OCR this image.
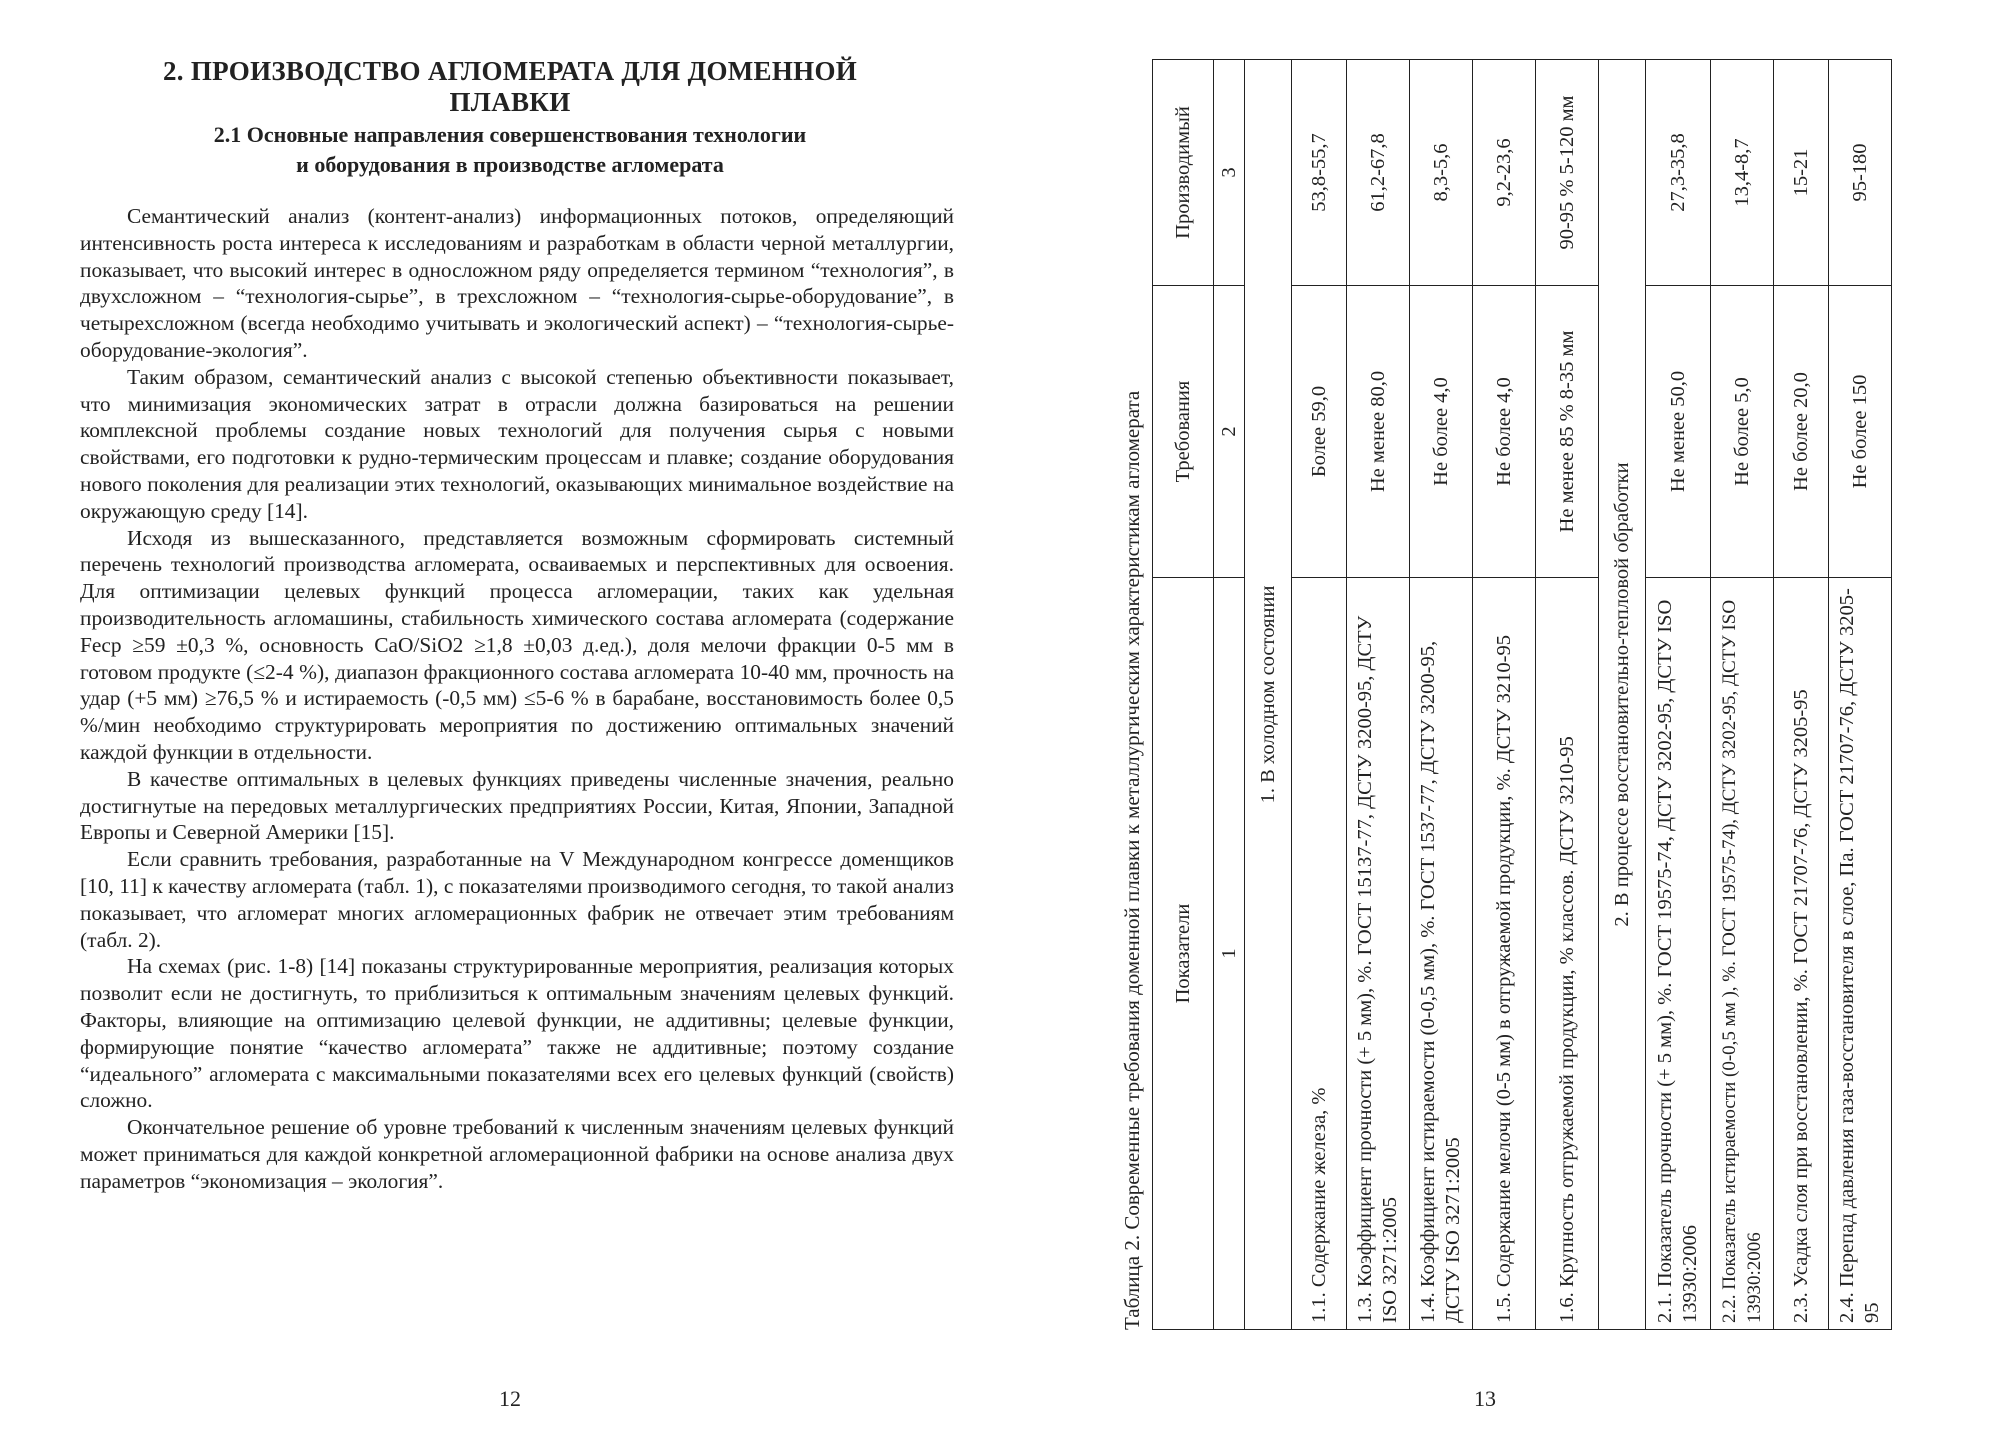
2. ПРОИЗВОДСТВО АГЛОМЕРАТА ДЛЯ ДОМЕННОЙ ПЛАВКИ
2.1 Основные направления совершенствования технологии
и оборудования в производстве агломерата

Семантический анализ (контент-анализ) информационных потоков, определяющий интенсивность роста интереса к исследованиям и разработкам в области черной металлургии, показывает, что высокий интерес в односложном ряду определяется термином “технология”, в двухсложном – “технология-сырье”, в трехсложном – “технология-сырье-оборудование”, в четырехсложном (всегда необходимо учитывать и экологический аспект) – “технология-сырье-оборудование-экология”.

Таким образом, семантический анализ с высокой степенью объективности показывает, что минимизация экономических затрат в отрасли должна базироваться на решении комплексной проблемы создание новых технологий для получения сырья с новыми свойствами, его подготовки к рудно-термическим процессам и плавке; создание оборудования нового поколения для реализации этих технологий, оказывающих минимальное воздействие на окружающую среду [14].

Исходя из вышесказанного, представляется возможным сформировать системный перечень технологий производства агломерата, осваиваемых и перспективных для освоения. Для оптимизации целевых функций процесса агломерации, таких как удельная производительность агломашины, стабильность химического состава агломерата (содержание Feср ≥59 ±0,3 %, основность CaO/SiO2 ≥1,8 ±0,03 д.ед.), доля мелочи фракции 0-5 мм в готовом продукте (≤2-4 %), диапазон фракционного состава агломерата 10-40 мм, прочность на удар (+5 мм) ≥76,5 % и истираемость (-0,5 мм) ≤5-6 % в барабане, восстановимость более 0,5 %/мин необходимо структурировать мероприятия по достижению оптимальных значений каждой функции в отдельности.

В качестве оптимальных в целевых функциях приведены численные значения, реально достигнутые на передовых металлургических предприятиях России, Китая, Японии, Западной Европы и Северной Америки [15].

Если сравнить требования, разработанные на V Международном конгрессе доменщиков [10, 11] к качеству агломерата (табл. 1), с показателями производимого сегодня, то такой анализ показывает, что агломерат многих агломерационных фабрик не отвечает этим требованиям (табл. 2).

На схемах (рис. 1-8) [14] показаны структурированные мероприятия, реализация которых позволит если не достигнуть, то приблизиться к оптимальным значениям целевых функций. Факторы, влияющие на оптимизацию целевой функции, не аддитивны; целевые функции, формирующие понятие “качество агломерата” также не аддитивные; поэтому создание “идеального” агломерата с максимальными показателями всех его целевых функций (свойств) сложно.

Окончательное решение об уровне требований к численным значениям целевых функций может приниматься для каждой конкретной агломерационной фабрики на основе анализа двух параметров “экономизация – экология”.

12
Таблица 2. Современные требования доменной плавки к металлургическим характеристикам агломерата	Показатели	Требования	Производимый
1	2	3
1. В холодном состоянии		
1.1. Содержание железа, %	Более 59,0	53,8-55,7
1.3. Коэффициент прочности (+ 5 мм), %. ГОСТ 15137-77, ДСТУ 3200-95, ДСТУ ISO 3271:2005	Не менее 80,0	61,2-67,8
1.4. Коэффициент истираемости (0-0,5 мм), %. ГОСТ 1537-77, ДСТУ 3200-95, ДСТУ ISO 3271:2005	Не более 4,0	8,3-5,6
1.5. Содержание мелочи (0-5 мм) в отгружаемой продукции, %. ДСТУ 3210-95	Не более 4,0	9,2-23,6
1.6. Крупность отгружаемой продукции, % классов. ДСТУ 3210-95	Не менее 85 % 8-35 мм	90-95 % 5-120 мм
2. В процессе восстановительно-тепловой обработки		
2.1. Показатель прочности (+ 5 мм), %. ГОСТ 19575-74, ДСТУ 3202-95, ДСТУ ISO 13930:2006	Не менее 50,0	27,3-35,8
2.2. Показатель истираемости (0-0,5 мм ), %. ГОСТ 19575-74), ДСТУ 3202-95, ДСТУ ISO 13930:2006	Не более 5,0	13,4-8,7
2.3. Усадка слоя при восстановлении, %. ГОСТ 21707-76, ДСТУ 3205-95	Не более 20,0	15-21
2.4. Перепад давления газа-восстановителя в слое, Па. ГОСТ 21707-76, ДСТУ 3205-95	Не более 150	95-180
13
